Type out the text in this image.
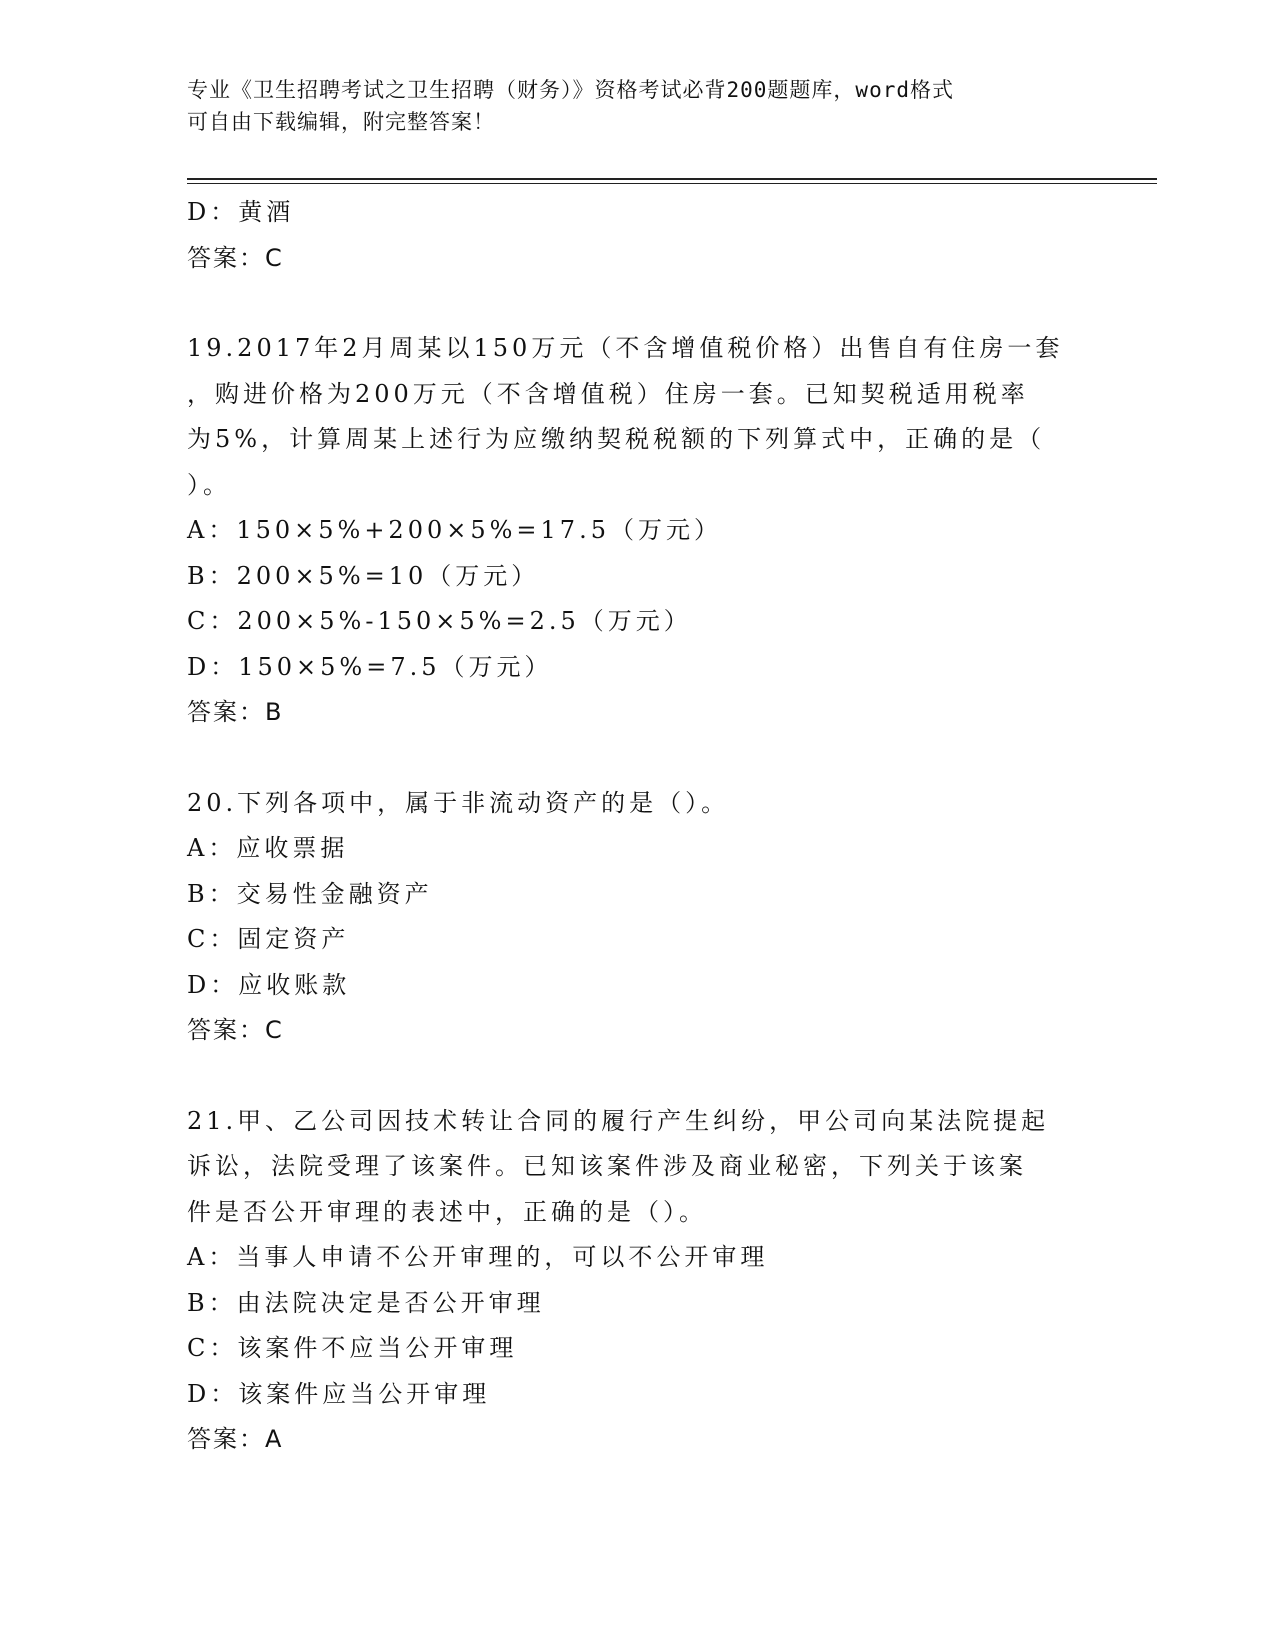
专业《卫生招聘考试之卫生招聘（财务）》资格考试必背200题题库，word格式
可自由下载编辑，附完整答案！
D：黄酒
答案：C
19.2017年2月周某以150万元（不含增值税价格）出售自有住房一套
，购进价格为200万元（不含增值税）住房一套。已知契税适用税率
为5%，计算周某上述行为应缴纳契税税额的下列算式中，正确的是（
）。
A：150×5%+200×5%=17.5（万元）
B：200×5%=10（万元）
C：200×5%-150×5%=2.5（万元）
D：150×5%=7.5（万元）
答案：B
20.下列各项中，属于非流动资产的是（）。
A：应收票据
B：交易性金融资产
C：固定资产
D：应收账款
答案：C
21.甲、乙公司因技术转让合同的履行产生纠纷，甲公司向某法院提起
诉讼，法院受理了该案件。已知该案件涉及商业秘密，下列关于该案
件是否公开审理的表述中，正确的是（）。
A：当事人申请不公开审理的，可以不公开审理
B：由法院决定是否公开审理
C：该案件不应当公开审理
D：该案件应当公开审理
答案：A
